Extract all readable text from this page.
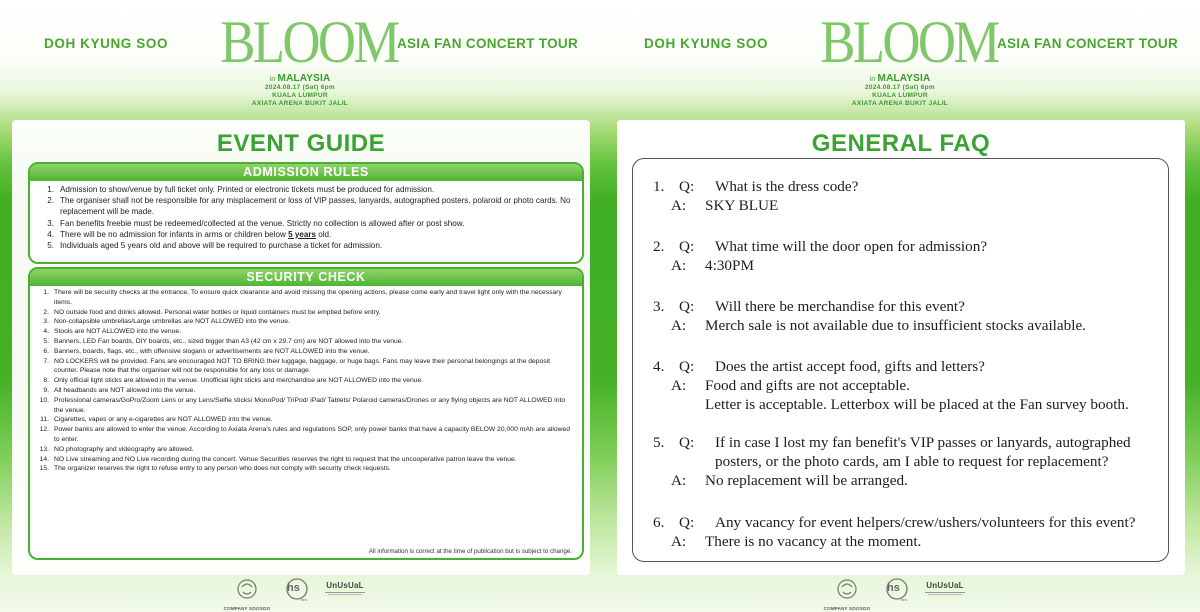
DOH KYUNG SOO BLOOM ASIA FAN CONCERT TOUR
in MALAYSIA
2024.08.17 (Sat) 6pm
KUALA LUMPUR
AXIATA ARENA BUKIT JALIL
EVENT GUIDE
ADMISSION RULES
1. Admission to show/venue by full ticket only. Printed or electronic tickets must be produced for admission.
2. The organiser shall not be responsible for any misplacement or loss of VIP passes, lanyards, autographed posters, polaroid or photo cards. No replacement will be made.
3. Fan benefits freebie must be redeemed/collected at the venue. Strictly no collection is allowed after or post show.
4. There will be no admission for infants in arms or children below 5 years old.
5. Individuals aged 5 years old and above will be required to purchase a ticket for admission.
SECURITY CHECK
1. There will be security checks at the entrance. To ensure quick clearance and avoid missing the opening actions, please come early and travel light only with the necessary items.
2. NO outside food and drinks allowed. Personal water bottles or liquid containers must be emptied before entry.
3. Non-collapsible umbrellas/Large umbrellas are NOT ALLOWED into the venue.
4. Stools are NOT ALLOWED into the venue.
5. Banners, LED Fan boards, DIY boards, etc., sized bigger than A3 (42 cm x 29.7 cm) are NOT allowed into the venue.
6. Banners, boards, flags, etc., with offensive slogans or advertisements are NOT ALLOWED into the venue.
7. NO LOCKERS will be provided. Fans are encouraged NOT TO BRING their luggage, baggage, or huge bags. Fans may leave their personal belongings at the deposit counter. Please note that the organiser will not be responsible for any loss or damage.
8. Only official light sticks are allowed in the venue. Unofficial light sticks and merchandise are NOT ALLOWED into the venue.
9. All headbands are NOT allowed into the venue.
10. Professional cameras/GoPro/Zoom Lens or any Lens/Selfie sticks/ MonoPod/ TriPod/ iPad/ Tablets/ Polaroid cameras/Drones or any flying objects are NOT ALLOWED into the venue.
11. Cigarettes, vapes or any e-cigarettes are NOT ALLOWED into the venue.
12. Power banks are allowed to enter the venue. According to Axiata Arena's rules and regulations SOP, only power banks that have a capacity BELOW 20,000 mAh are allowed to enter.
13. NO photography and videography are allowed.
14. NO Live streaming and NO Live recording during the concert. Venue Securities reserves the right to request that the uncooperative patron leave the venue.
15. The organizer reserves the right to refuse entry to any person who does not comply with security check requests.
All information is correct at the time of publication but is subject to change.
COMPANY SOOSOO
hs
ent.
UnUsUaL
DOH KYUNG SOO BLOOM ASIA FAN CONCERT TOUR
in MALAYSIA
2024.08.17 (Sat) 6pm
KUALA LUMPUR
AXIATA ARENA BUKIT JALIL
GENERAL FAQ
1. Q:	What is the dress code?
A:	SKY BLUE
2. Q:	What time will the door open for admission?
A:	4:30PM
3. Q:	Will there be merchandise for this event?
A:	Merch sale is not available due to insufficient stocks available.
4. Q:	Does the artist accept food, gifts and letters?
A:	Food and gifts are not acceptable.
Letter is acceptable. Letterbox will be placed at the Fan survey booth.
5. Q:	If in case I lost my fan benefit's VIP passes or lanyards, autographed
posters, or the photo cards, am I able to request for replacement?
A:	No replacement will be arranged.
6. Q:	Any vacancy for event helpers/crew/ushers/volunteers for this event?
A:	There is no vacancy at the moment.
COMPANY SOOSOO
hs
ent.
UnUsUaL
